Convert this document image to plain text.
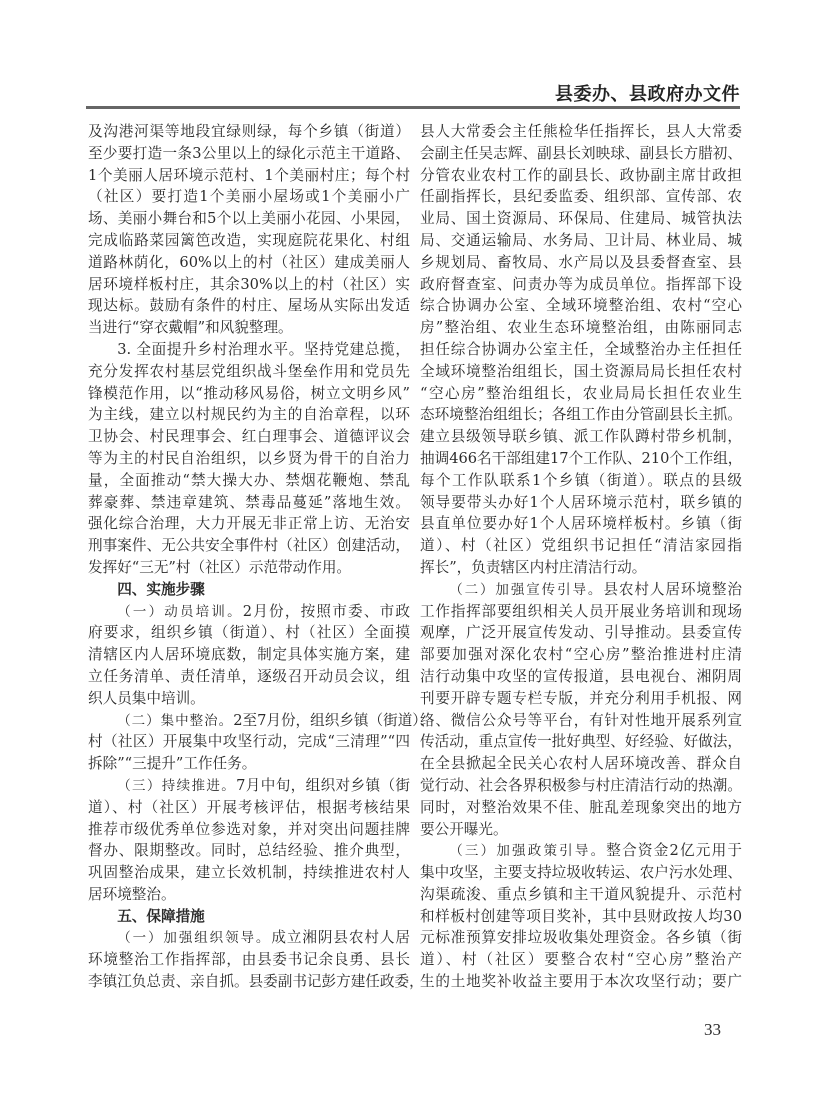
县委办、县政府办文件
及沟港河渠等地段宜绿则绿，每个乡镇（街道）
至少要打造一条3公里以上的绿化示范主干道路、
1个美丽人居环境示范村、1个美丽村庄；每个村
（社区）要打造1个美丽小屋场或1个美丽小广
场、美丽小舞台和5个以上美丽小花园、小果园，
完成临路菜园篱笆改造，实现庭院花果化、村组
道路林荫化，60%以上的村（社区）建成美丽人
居环境样板村庄，其余30%以上的村（社区）实
现达标。鼓励有条件的村庄、屋场从实际出发适
当进行“穿衣戴帽”和风貌整理。
3. 全面提升乡村治理水平。坚持党建总揽，
充分发挥农村基层党组织战斗堡垒作用和党员先
锋模范作用，以“推动移风易俗，树立文明乡风”
为主线，建立以村规民约为主的自治章程，以环
卫协会、村民理事会、红白理事会、道德评议会
等为主的村民自治组织，以乡贤为骨干的自治力
量，全面推动“禁大操大办、禁烟花鞭炮、禁乱
葬豪葬、禁违章建筑、禁毒品蔓延”落地生效。
强化综合治理，大力开展无非正常上访、无治安
刑事案件、无公共安全事件村（社区）创建活动，
发挥好“三无”村（社区）示范带动作用。
四、实施步骤
（一）动员培训。2月份，按照市委、市政
府要求，组织乡镇（街道）、村（社区）全面摸
清辖区内人居环境底数，制定具体实施方案，建
立任务清单、责任清单，逐级召开动员会议，组
织人员集中培训。
（二）集中整治。2至7月份，组织乡镇（街道）、
村（社区）开展集中攻坚行动，完成“三清理”“四
拆除”“三提升”工作任务。
（三）持续推进。7月中旬，组织对乡镇（街
道）、村（社区）开展考核评估，根据考核结果
推荐市级优秀单位参选对象，并对突出问题挂牌
督办、限期整改。同时，总结经验、推介典型，
巩固整治成果，建立长效机制，持续推进农村人
居环境整治。
五、保障措施
（一）加强组织领导。成立湘阴县农村人居
环境整治工作指挥部，由县委书记余良勇、县长
李镇江负总责、亲自抓。县委副书记彭方建任政委，
县人大常委会主任熊检华任指挥长，县人大常委
会副主任吴志辉、副县长刘映球、副县长方腊初、
分管农业农村工作的副县长、政协副主席甘政担
任副指挥长，县纪委监委、组织部、宣传部、农
业局、国土资源局、环保局、住建局、城管执法
局、交通运输局、水务局、卫计局、林业局、城
乡规划局、畜牧局、水产局以及县委督查室、县
政府督查室、问责办等为成员单位。指挥部下设
综合协调办公室、全域环境整治组、农村“空心
房”整治组、农业生态环境整治组，由陈丽同志
担任综合协调办公室主任，全域整治办主任担任
全域环境整治组组长，国土资源局局长担任农村
“空心房”整治组组长，农业局局长担任农业生
态环境整治组组长；各组工作由分管副县长主抓。
建立县级领导联乡镇、派工作队蹲村带乡机制，
抽调466名干部组建17个工作队、210个工作组，
每个工作队联系1个乡镇（街道）。联点的县级
领导要带头办好1个人居环境示范村，联乡镇的
县直单位要办好1个人居环境样板村。乡镇（街
道）、村（社区）党组织书记担任“清洁家园指
挥长”，负责辖区内村庄清洁行动。
（二）加强宣传引导。县农村人居环境整治
工作指挥部要组织相关人员开展业务培训和现场
观摩，广泛开展宣传发动、引导推动。县委宣传
部要加强对深化农村“空心房”整治推进村庄清
洁行动集中攻坚的宣传报道，县电视台、湘阴周
刊要开辟专题专栏专版，并充分利用手机报、网
络、微信公众号等平台，有针对性地开展系列宣
传活动，重点宣传一批好典型、好经验、好做法，
在全县掀起全民关心农村人居环境改善、群众自
觉行动、社会各界积极参与村庄清洁行动的热潮。
同时，对整治效果不佳、脏乱差现象突出的地方
要公开曝光。
（三）加强政策引导。整合资金2亿元用于
集中攻坚，主要支持垃圾收转运、农户污水处理、
沟渠疏浚、重点乡镇和主干道风貌提升、示范村
和样板村创建等项目奖补，其中县财政按人均30
元标准预算安排垃圾收集处理资金。各乡镇（街
道）、村（社区）要整合农村“空心房”整治产
生的土地奖补收益主要用于本次攻坚行动；要广
33
